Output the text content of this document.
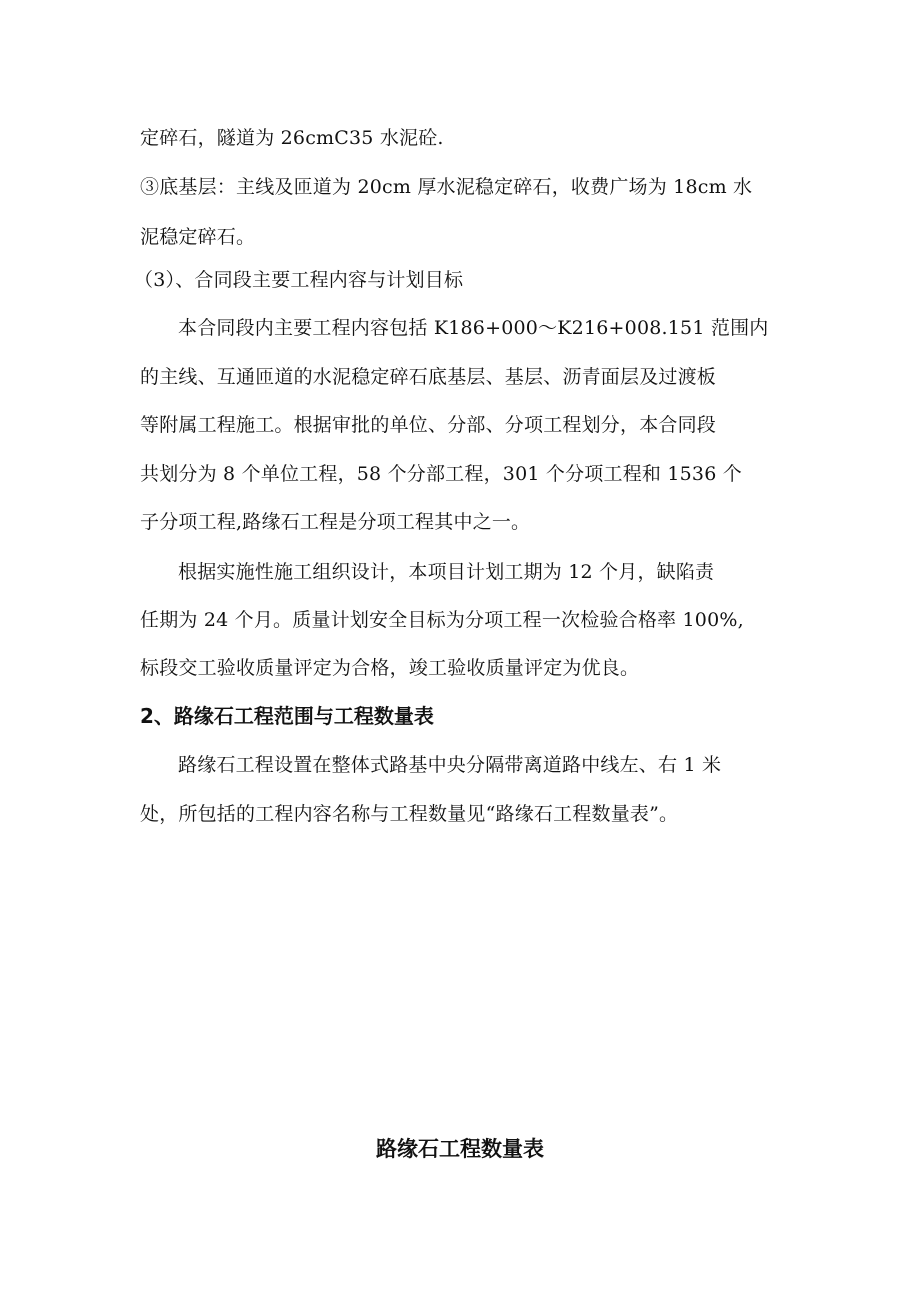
定碎石，隧道为 26cmC35 水泥砼.
③底基层：主线及匝道为 20cm 厚水泥稳定碎石，收费广场为 18cm 水
泥稳定碎石。
（3）、合同段主要工程内容与计划目标
本合同段内主要工程内容包括 K186+000～K216+008.151 范围内
的主线、互通匝道的水泥稳定碎石底基层、基层、沥青面层及过渡板
等附属工程施工。根据审批的单位、分部、分项工程划分，本合同段
共划分为 8 个单位工程，58 个分部工程，301 个分项工程和 1536 个
子分项工程,路缘石工程是分项工程其中之一。
根据实施性施工组织设计，本项目计划工期为 12 个月，缺陷责
任期为 24 个月。质量计划安全目标为分项工程一次检验合格率 100%,
标段交工验收质量评定为合格，竣工验收质量评定为优良。
2、路缘石工程范围与工程数量表
路缘石工程设置在整体式路基中央分隔带离道路中线左、右 1 米
处，所包括的工程内容名称与工程数量见“路缘石工程数量表”。
路缘石工程数量表
